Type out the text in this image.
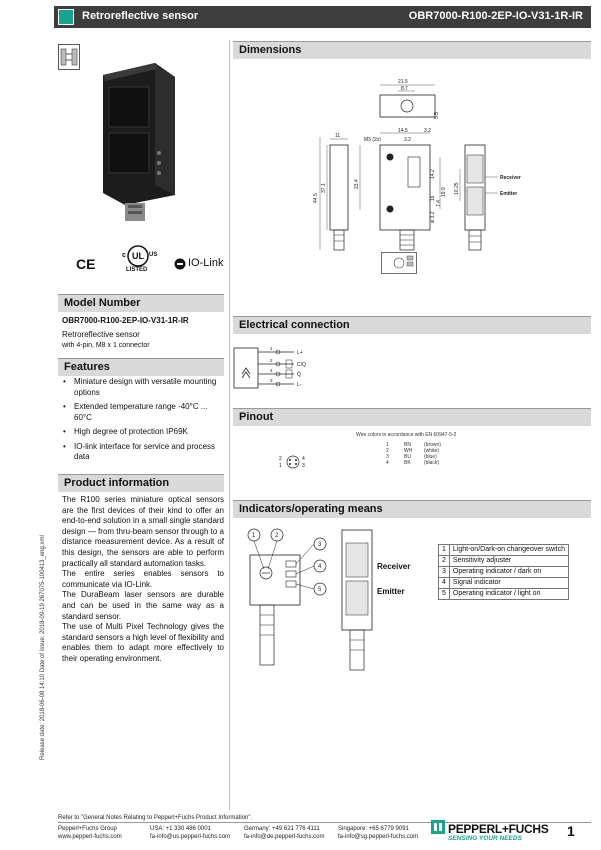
Retroreflective sensor	OBR7000-R100-2EP-IO-V31-1R-IR
CE
c UL US
LISTED
IO-Link
Model Number
OBR7000-R100-2EP-IO-V31-1R-IR
Retroreflective sensor
with 4-pin, M8 x 1 connector
Features
• Miniature design with versatile mounting options
• Extended temperature range -40°C ... 60°C
• High degree of protection IP69K
• IO-link interface for service and process data
Product information

The R100 series miniature optical sensors are the first devices of their kind to offer an end-to-end solution in a small single standard design — from thru-beam sensor through to a distance measurement device. As a result of this design, the sensors are able to perform practically all standard automation tasks.

The entire series enables sensors to communicate via IO-Link.

The DuraBeam laser sensors are durable and can be used in the same way as a standard sensor.

The use of Multi Pixel Technology gives the standard sensors a high level of flexibility and enables them to adapt more effectively to their operating environment.

Release date: 2018-06-08 14:10 Date of issue: 2018-09-19 267075-100413_eng.xml
Dimensions
21.5
8.7
5.5
14.5	3.2
3.2
M3 (2x)
11
44.5
37.1	23.4
14.2
19.9
7.4
16
ø 3.2
10.25
Receiver
Emitter
Electrical connection
1
2
4
3
L+
C/Q
Q̄
L-
Pinout
Wire colors in accordance with EN 60947-5-2
1	BN	(brown)
2	WH	(white)
3	BU	(blue)
4	BK	(black)
2	4
1	3
Indicators/operating means
1	2
3
4
5
Receiver
Emitter
1	Light-on/Dark-on changeover switch
2	Sensitivity adjuster
3	Operating indicator / dark on
4	Signal indicator
5	Operating indicator / light on
Refer to "General Notes Relating to Pepperl+Fuchs Product Information".
Pepperl+Fuchs Group
www.pepperl-fuchs.com
USA: +1 330 486 0001
fa-info@us.pepperl-fuchs.com
Germany: +49 621 776 4111
fa-info@de.pepperl-fuchs.com
Singapore: +65 6779 9091
fa-info@sg.pepperl-fuchs.com
PEPPERL+FUCHS
SENSING YOUR NEEDS	1
